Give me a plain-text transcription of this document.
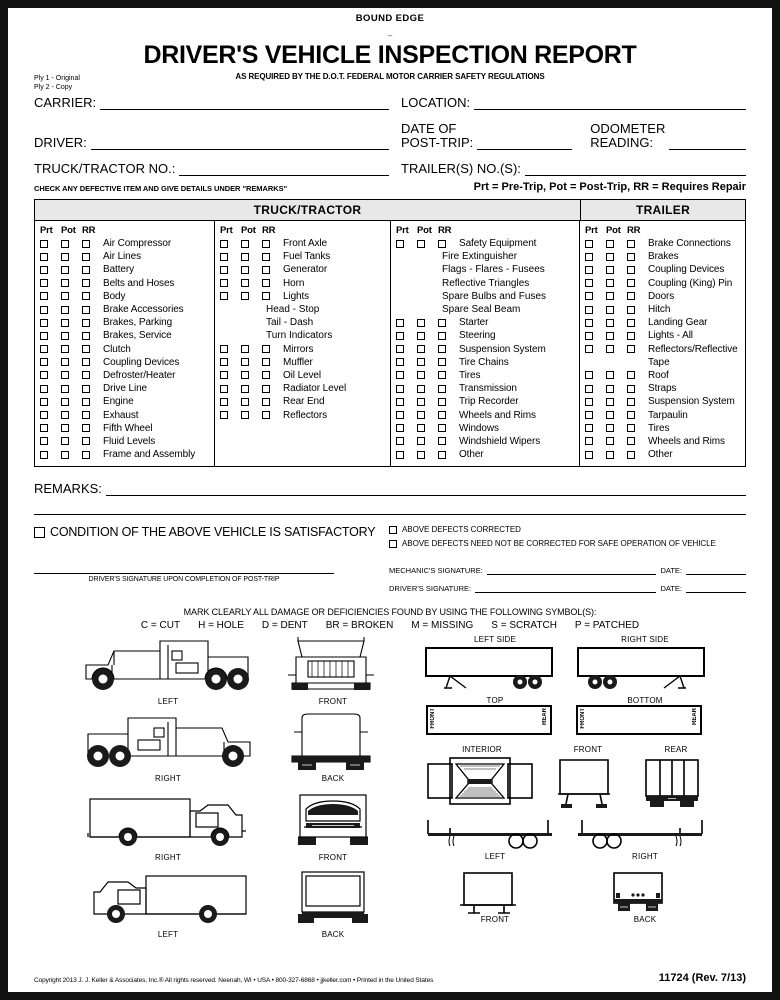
BOUND EDGE
–
DRIVER'S VEHICLE INSPECTION REPORT
AS REQUIRED BY THE D.O.T. FEDERAL MOTOR CARRIER SAFETY REGULATIONS
Ply 1 - Original
Ply 2 - Copy
CARRIER:	LOCATION:
DRIVER:
DATE OF
POST-TRIP:
ODOMETER
READING:
TRUCK/TRACTOR NO.:	TRAILER(S) NO.(S):
CHECK ANY DEFECTIVE ITEM AND GIVE DETAILS UNDER "REMARKS"	Prt = Pre-Trip, Pot = Post-Trip, RR = Requires Repair
TRUCK/TRACTOR	TRAILER
Prt Pot RR
Air Compressor
Air Lines
Battery
Belts and Hoses
Body
Brake Accessories
Brakes, Parking
Brakes, Service
Clutch
Coupling Devices
Defroster/Heater
Drive Line
Engine
Exhaust
Fifth Wheel
Fluid Levels
Frame and Assembly
Prt Pot RR
Front Axle
Fuel Tanks
Generator
Horn
Lights
Head - Stop
Tail - Dash
Turn Indicators
Mirrors
Muffler
Oil Level
Radiator Level
Rear End
Reflectors
Prt Pot RR
Safety Equipment
Fire Extinguisher
Flags - Flares - Fusees
Reflective Triangles
Spare Bulbs and Fuses
Spare Seal Beam
Starter
Steering
Suspension System
Tire Chains
Tires
Transmission
Trip Recorder
Wheels and Rims
Windows
Windshield Wipers
Other
Prt Pot RR
Brake Connections
Brakes
Coupling Devices
Coupling (King) Pin
Doors
Hitch
Landing Gear
Lights - All
Reflectors/Reflective
Tape
Roof
Straps
Suspension System
Tarpaulin
Tires
Wheels and Rims
Other
REMARKS:
CONDITION OF THE ABOVE VEHICLE IS SATISFACTORY
DRIVER'S SIGNATURE UPON COMPLETION OF POST-TRIP
ABOVE DEFECTS CORRECTED
ABOVE DEFECTS NEED NOT BE CORRECTED FOR SAFE OPERATION OF VEHICLE
MECHANIC'S SIGNATURE:	DATE:
DRIVER'S SIGNATURE:	DATE:
MARK CLEARLY ALL DAMAGE OR DEFICIENCIES FOUND BY USING THE FOLLOWING SYMBOL(S):
C = CUT H = HOLE D = DENT BR = BROKEN M = MISSING S = SCRATCH P = PATCHED
LEFT	FRONT
RIGHT	BACK
RIGHT	FRONT
LEFT	BACK
LEFT SIDE	RIGHT SIDE
TOP
FRONT	REAR
BOTTOM
FRONT	REAR
INTERIOR	FRONT	REAR
LEFT	RIGHT
FRONT	BACK
Copyright 2013 J. J. Keller & Associates, Inc.® All rights reserved. Neenah, WI • USA • 800-327-6868 • jjkeller.com • Printed in the United States	11724 (Rev. 7/13)
